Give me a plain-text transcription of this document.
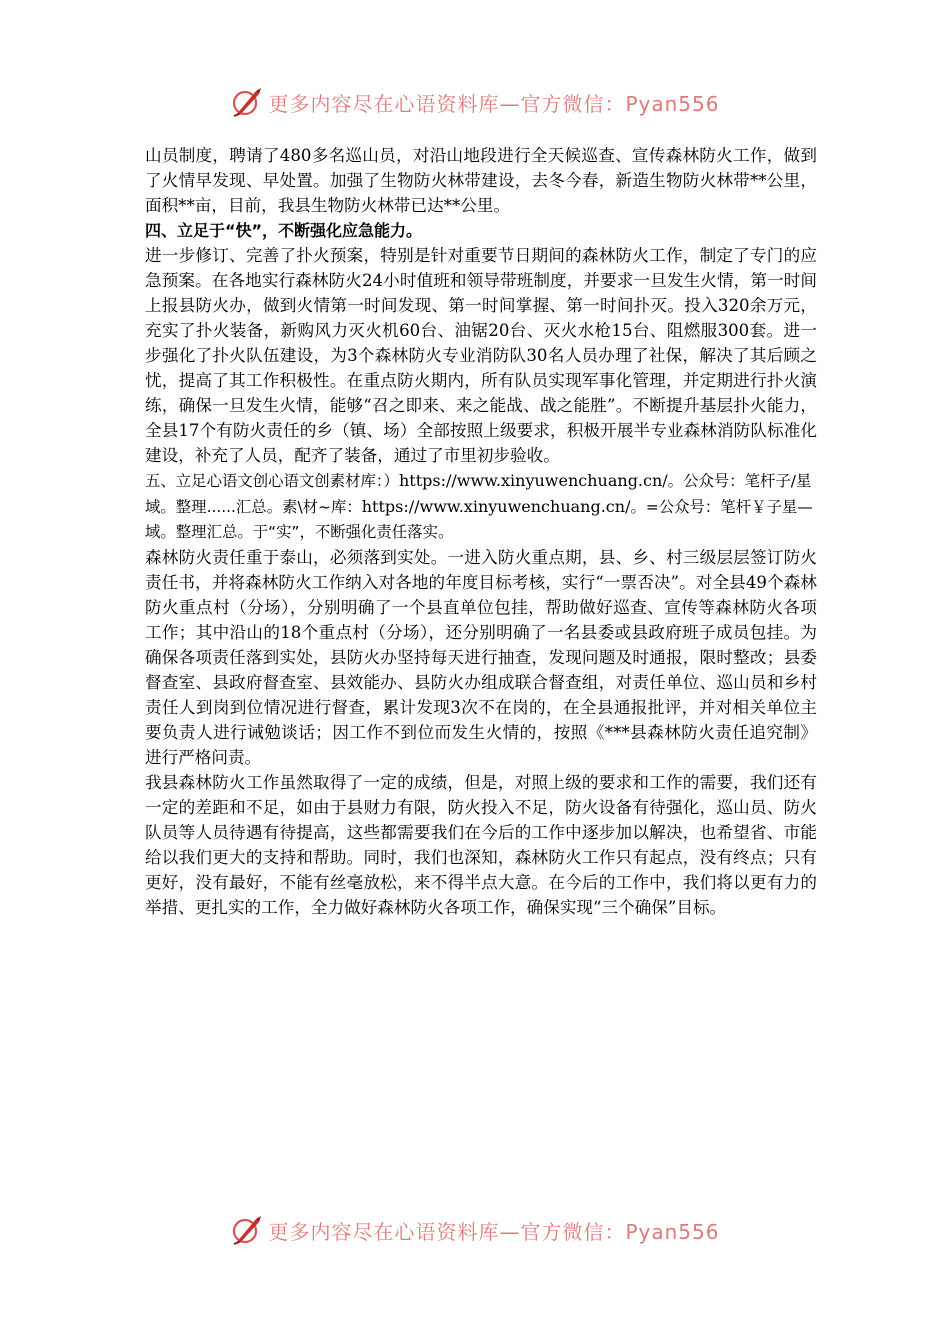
更多内容尽在心语资料库—官方微信：Pyan556

山员制度，聘请了480多名巡山员，对沿山地段进行全天候巡查、宣传森林防火工作，做到了火情早发现、早处置。加强了生物防火林带建设，去冬今春，新造生物防火林带**公里，面积**亩，目前，我县生物防火林带已达**公里。

四、立足于“快”，不断强化应急能力。

进一步修订、完善了扑火预案，特别是针对重要节日期间的森林防火工作，制定了专门的应急预案。在各地实行森林防火24小时值班和领导带班制度，并要求一旦发生火情，第一时间上报县防火办，做到火情第一时间发现、第一时间掌握、第一时间扑灭。投入320余万元，充实了扑火装备，新购风力灭火机60台、油锯20台、灭火水枪15台、阻燃服300套。进一步强化了扑火队伍建设，为3个森林防火专业消防队30名人员办理了社保，解决了其后顾之忧，提高了其工作积极性。在重点防火期内，所有队员实现军事化管理，并定期进行扑火演练，确保一旦发生火情，能够“召之即来、来之能战、战之能胜”。不断提升基层扑火能力，全县17个有防火责任的乡（镇、场）全部按照上级要求，积极开展半专业森林消防队标准化建设，补充了人员，配齐了装备，通过了市里初步验收。

五、立足心语文创心语文创素材库：）https://www.xinyuwenchuang.cn/。公众号：笔杆子/星域。整理......汇总。素\材~库：https://www.xinyuwenchuang.cn/。=公众号：笔杆￥子星—域。整理汇总。于“实”，不断强化责任落实。

森林防火责任重于泰山，必须落到实处。一进入防火重点期，县、乡、村三级层层签订防火责任书，并将森林防火工作纳入对各地的年度目标考核，实行“一票否决”。对全县49个森林防火重点村（分场），分别明确了一个县直单位包挂，帮助做好巡查、宣传等森林防火各项工作；其中沿山的18个重点村（分场），还分别明确了一名县委或县政府班子成员包挂。为确保各项责任落到实处，县防火办坚持每天进行抽查，发现问题及时通报，限时整改；县委督查室、县政府督查室、县效能办、县防火办组成联合督查组，对责任单位、巡山员和乡村责任人到岗到位情况进行督查，累计发现3次不在岗的，在全县通报批评，并对相关单位主要负责人进行诫勉谈话；因工作不到位而发生火情的，按照《***县森林防火责任追究制》进行严格问责。

我县森林防火工作虽然取得了一定的成绩，但是，对照上级的要求和工作的需要，我们还有一定的差距和不足，如由于县财力有限，防火投入不足，防火设备有待强化，巡山员、防火队员等人员待遇有待提高，这些都需要我们在今后的工作中逐步加以解决，也希望省、市能给以我们更大的支持和帮助。同时，我们也深知，森林防火工作只有起点，没有终点；只有更好，没有最好，不能有丝毫放松，来不得半点大意。在今后的工作中，我们将以更有力的举措、更扎实的工作，全力做好森林防火各项工作，确保实现“三个确保”目标。

更多内容尽在心语资料库—官方微信：Pyan556
